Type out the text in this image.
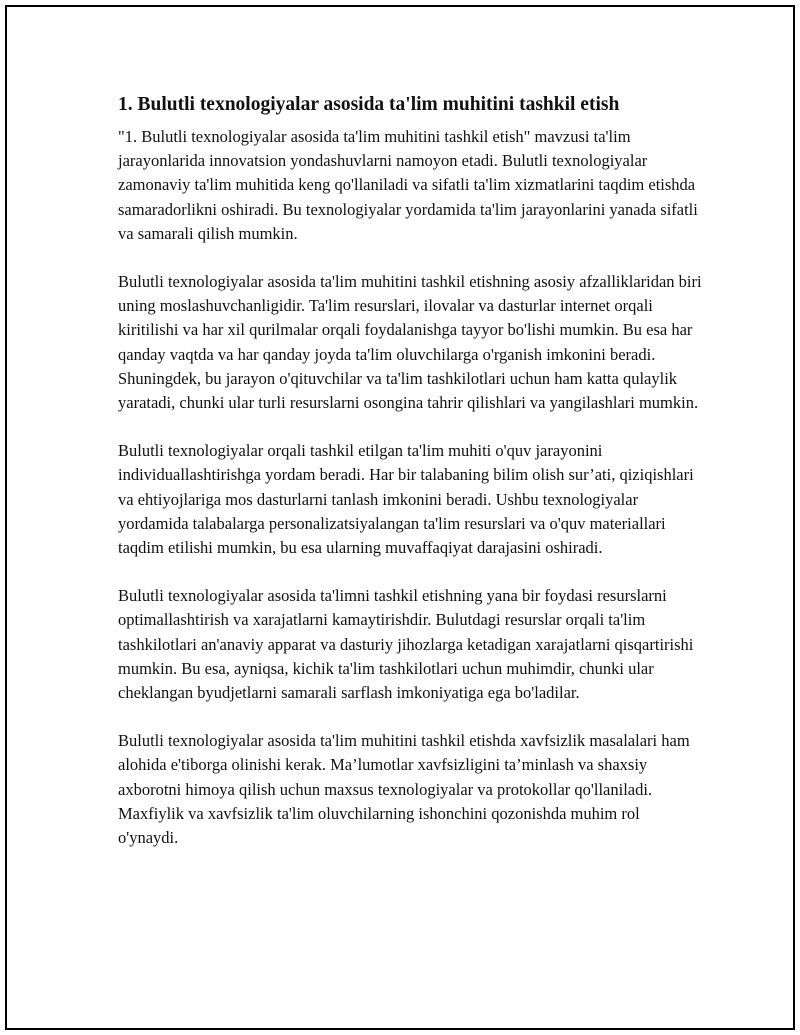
1. Bulutli texnologiyalar asosida ta'lim muhitini tashkil etish

"1. Bulutli texnologiyalar asosida ta'lim muhitini tashkil etish" mavzusi ta'lim jarayonlarida innovatsion yondashuvlarni namoyon etadi. Bulutli texnologiyalar zamonaviy ta'lim muhitida keng qo'llaniladi va sifatli ta'lim xizmatlarini taqdim etishda samaradorlikni oshiradi. Bu texnologiyalar yordamida ta'lim jarayonlarini yanada sifatli va samarali qilish mumkin.

Bulutli texnologiyalar asosida ta'lim muhitini tashkil etishning asosiy afzalliklaridan biri uning moslashuvchanligidir. Ta'lim resurslari, ilovalar va dasturlar internet orqali kiritilishi va har xil qurilmalar orqali foydalanishga tayyor bo'lishi mumkin. Bu esa har qanday vaqtda va har qanday joyda ta'lim oluvchilarga o'rganish imkonini beradi. Shuningdek, bu jarayon o'qituvchilar va ta'lim tashkilotlari uchun ham katta qulaylik yaratadi, chunki ular turli resurslarni osongina tahrir qilishlari va yangilashlari mumkin.

Bulutli texnologiyalar orqali tashkil etilgan ta'lim muhiti o'quv jarayonini individuallashtirishga yordam beradi. Har bir talabaning bilim olish sur’ati, qiziqishlari va ehtiyojlariga mos dasturlarni tanlash imkonini beradi. Ushbu texnologiyalar yordamida talabalarga personalizatsiyalangan ta'lim resurslari va o'quv materiallari taqdim etilishi mumkin, bu esa ularning muvaffaqiyat darajasini oshiradi.

Bulutli texnologiyalar asosida ta'limni tashkil etishning yana bir foydasi resurslarni optimallashtirish va xarajatlarni kamaytirishdir. Bulutdagi resurslar orqali ta'lim tashkilotlari an'anaviy apparat va dasturiy jihozlarga ketadigan xarajatlarni qisqartirishi mumkin. Bu esa, ayniqsa, kichik ta'lim tashkilotlari uchun muhimdir, chunki ular cheklangan byudjetlarni samarali sarflash imkoniyatiga ega bo'ladilar.

Bulutli texnologiyalar asosida ta'lim muhitini tashkil etishda xavfsizlik masalalari ham alohida e'tiborga olinishi kerak. Ma’lumotlar xavfsizligini ta’minlash va shaxsiy axborotni himoya qilish uchun maxsus texnologiyalar va protokollar qo'llaniladi. Maxfiylik va xavfsizlik ta'lim oluvchilarning ishonchini qozonishda muhim rol o'ynaydi.
